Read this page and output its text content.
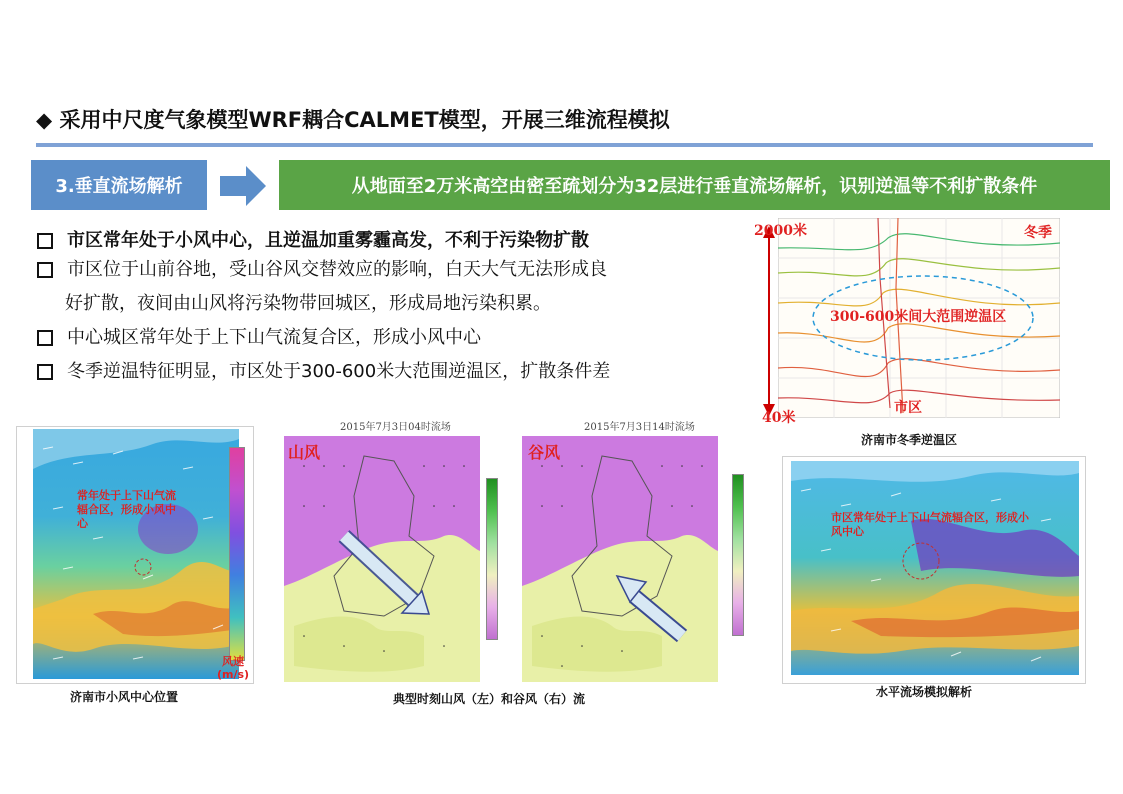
◆ 采用中尺度气象模型WRF耦合CALMET模型，开展三维流程模拟
3.垂直流场解析	从地面至2万米高空由密至疏划分为32层进行垂直流场解析，识别逆温等不利扩散条件
市区常年处于小风中心，且逆温加重雾霾高发，不利于污染物扩散
市区位于山前谷地，受山谷风交替效应的影响，白天大气无法形成良
好扩散，夜间由山风将污染物带回城区，形成局地污染积累。
中心城区常年处于上下山气流复合区，形成小风中心
冬季逆温特征明显，市区处于300-600米大范围逆温区，扩散条件差
2000米
40米
冬季
300-600米间大范围逆温区
市区
济南市冬季逆温区
常年处于上下山气流辐合区，形成小风中心
风速 (m/s)
济南市小风中心位置
2015年7月3日04时流场
山风
2015年7月3日14时流场
谷风
典型时刻山风（左）和谷风（右）流
市区常年处于上下山气流辐合区，形成小风中心
水平流场模拟解析
